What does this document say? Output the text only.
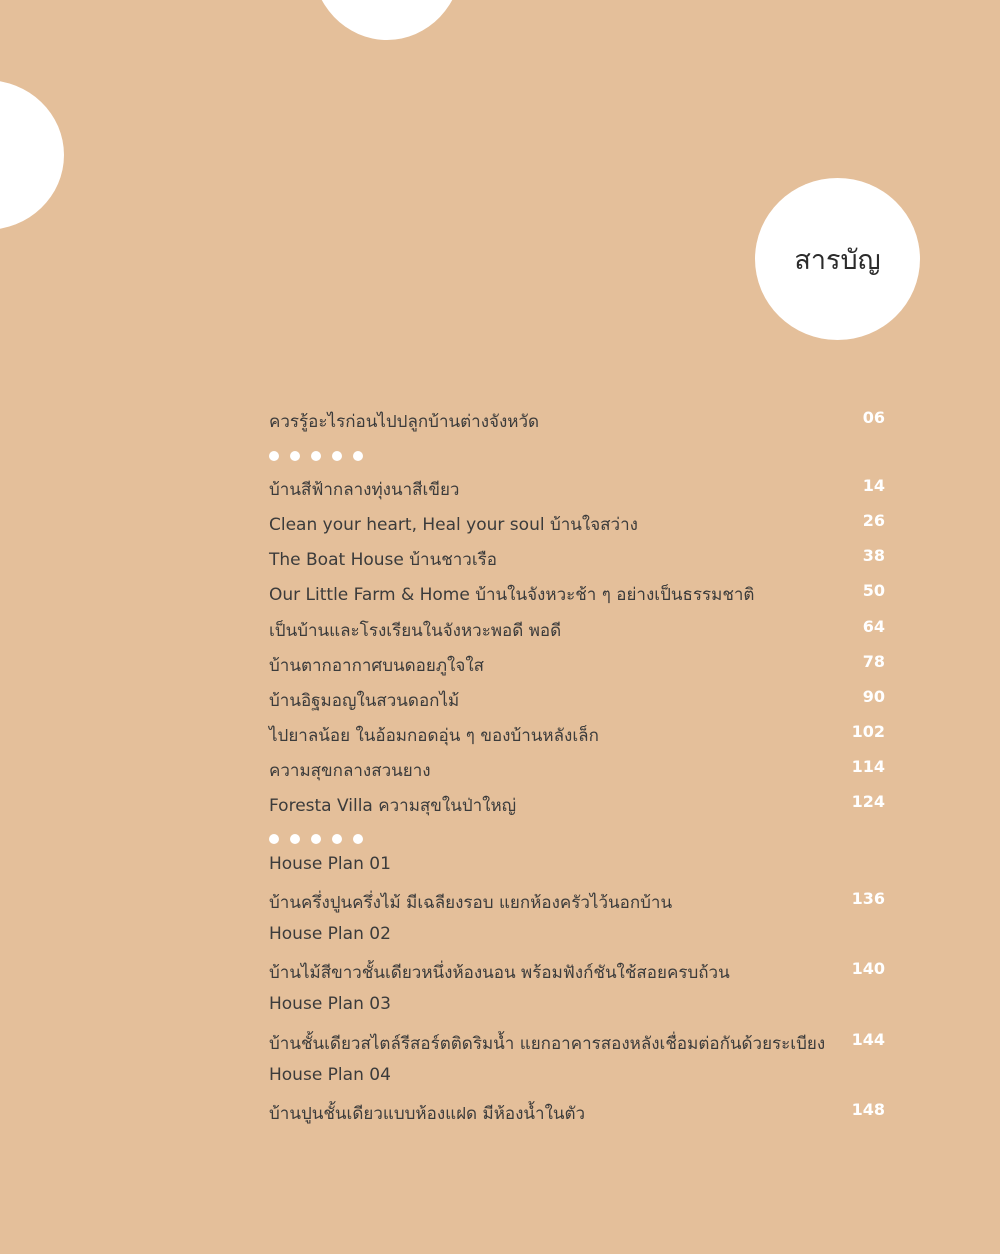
สารบัญ
ควรรู้อะไรก่อนไปปลูกบ้านต่างจังหวัด	06
บ้านสีฟ้ากลางทุ่งนาสีเขียว	14
Clean your heart, Heal your soul บ้านใจสว่าง	26
The Boat House บ้านชาวเรือ	38
Our Little Farm & Home บ้านในจังหวะช้า ๆ อย่างเป็นธรรมชาติ	50
เป็นบ้านและโรงเรียนในจังหวะพอดี พอดี	64
บ้านตากอากาศบนดอยภูใจใส	78
บ้านอิฐมอญในสวนดอกไม้	90
ไปยาลน้อย ในอ้อมกอดอุ่น ๆ ของบ้านหลังเล็ก	102
ความสุขกลางสวนยาง	114
Foresta Villa ความสุขในป่าใหญ่	124
House Plan 01
บ้านครึ่งปูนครึ่งไม้ มีเฉลียงรอบ แยกห้องครัวไว้นอกบ้าน	136
House Plan 02
บ้านไม้สีขาวชั้นเดียวหนึ่งห้องนอน พร้อมฟังก์ชันใช้สอยครบถ้วน	140
House Plan 03
บ้านชั้นเดียวสไตล์รีสอร์ตติดริมน้ำ แยกอาคารสองหลังเชื่อมต่อกันด้วยระเบียง 144
House Plan 04
บ้านปูนชั้นเดียวแบบห้องแฝด มีห้องน้ำในตัว	148
